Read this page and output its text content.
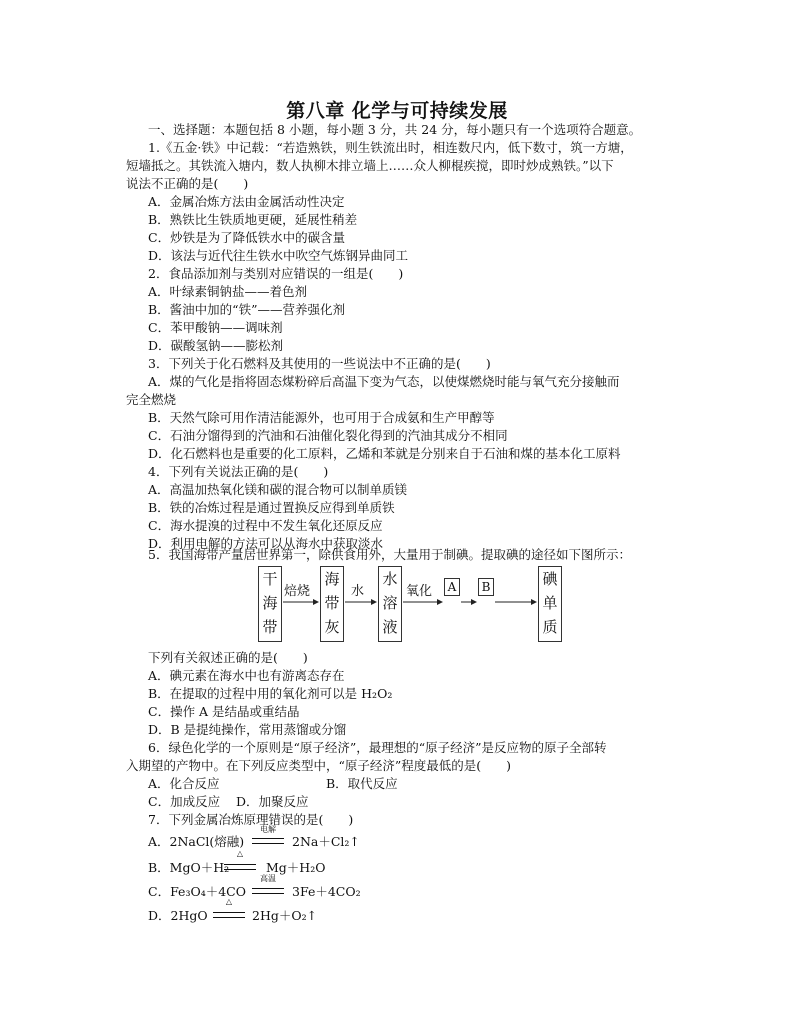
第八章 化学与可持续发展
一、选择题：本题包括 8 小题，每小题 3 分，共 24 分，每小题只有一个选项符合题意。
1.《五金·铁》中记载：“若造熟铁，则生铁流出时，相连数尺内，低下数寸，筑一方塘，
短墙抵之。其铁流入塘内，数人执柳木排立墙上……众人柳棍疾搅，即时炒成熟铁。”以下
说法不正确的是(　　)
A．金属冶炼方法由金属活动性决定
B．熟铁比生铁质地更硬，延展性稍差
C．炒铁是为了降低铁水中的碳含量
D．该法与近代往生铁水中吹空气炼钢异曲同工
2．食品添加剂与类别对应错误的一组是(　　)
A．叶绿素铜钠盐——着色剂
B．酱油中加的“铁”——营养强化剂
C．苯甲酸钠——调味剂
D．碳酸氢钠——膨松剂
3．下列关于化石燃料及其使用的一些说法中不正确的是(　　)
A．煤的气化是指将固态煤粉碎后高温下变为气态，以使煤燃烧时能与氧气充分接触而
完全燃烧
B．天然气除可用作清洁能源外，也可用于合成氨和生产甲醇等
C．石油分馏得到的汽油和石油催化裂化得到的汽油其成分不相同
D．化石燃料也是重要的化工原料，乙烯和苯就是分别来自于石油和煤的基本化工原料
4．下列有关说法正确的是(　　)
A．高温加热氧化镁和碳的混合物可以制单质镁
B．铁的冶炼过程是通过置换反应得到单质铁
C．海水提溴的过程中不发生氧化还原反应
D．利用电解的方法可以从海水中获取淡水
5．我国海带产量居世界第一，除供食用外，大量用于制碘。提取碘的途径如下图所示：
干
海
带
焙烧
海
带
灰
水
水
溶
液
氧化	A	B	碘
单
质
下列有关叙述正确的是(　　)
A．碘元素在海水中也有游离态存在
B．在提取的过程中用的氧化剂可以是 H₂O₂
C．操作 A 是结晶或重结晶
D．B 是提纯操作，常用蒸馏或分馏
6．绿色化学的一个原则是“原子经济”，最理想的“原子经济”是反应物的原子全部转
入期望的产物中。在下列反应类型中，“原子经济”程度最低的是(　　)
A．化合反应	B．取代反应
C．加成反应 D．加聚反应
7．下列金属冶炼原理错误的是(　　)
A．2NaCl(熔融)
电解
2Na＋Cl₂↑
B．MgO＋H₂
△
Mg＋H₂O
C．Fe₃O₄＋4CO
高温
3Fe＋4CO₂
D．2HgO
△
2Hg＋O₂↑
